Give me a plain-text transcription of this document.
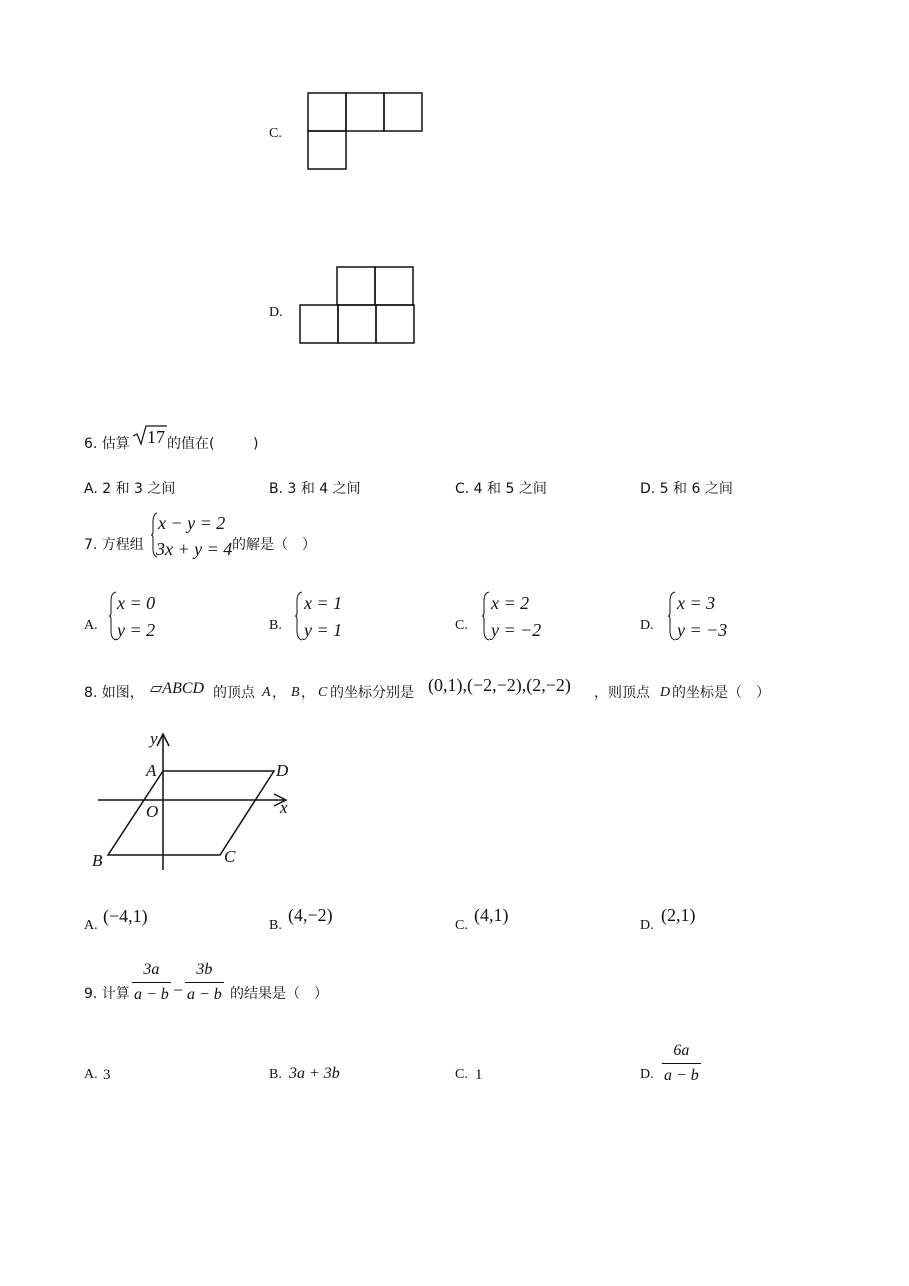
C.
D.
6. 估算 17 的值在(	)
A. 2 和 3 之间	B. 3 和 4 之间	C. 4 和 5 之间	D. 5 和 6 之间
7. 方程组
x − y = 2
3x + y = 4 的解是（　）
A.
x = 0
y = 2	B.
x = 1
y = 1	C.
x = 2
y = −2	D.
x = 3
y = −3
8. 如图， ▱ABCD 的顶点 A ， B ， C 的坐标分别是 (0,1),(−2,−2),(2,−2) ，则顶点 D 的坐标是（　）
y
A	D
O	x
B	C
A. (−4,1)	B.
(4,−2)
C.
(4,1)
D.
(2,1)
9. 计算 $\frac{3a}{a - b} - \frac{3b}{a - b}$ 的结果是（　）
A. 3	B. 3a + 3b	C. 1	D. $\frac{6a}{a - b}$
